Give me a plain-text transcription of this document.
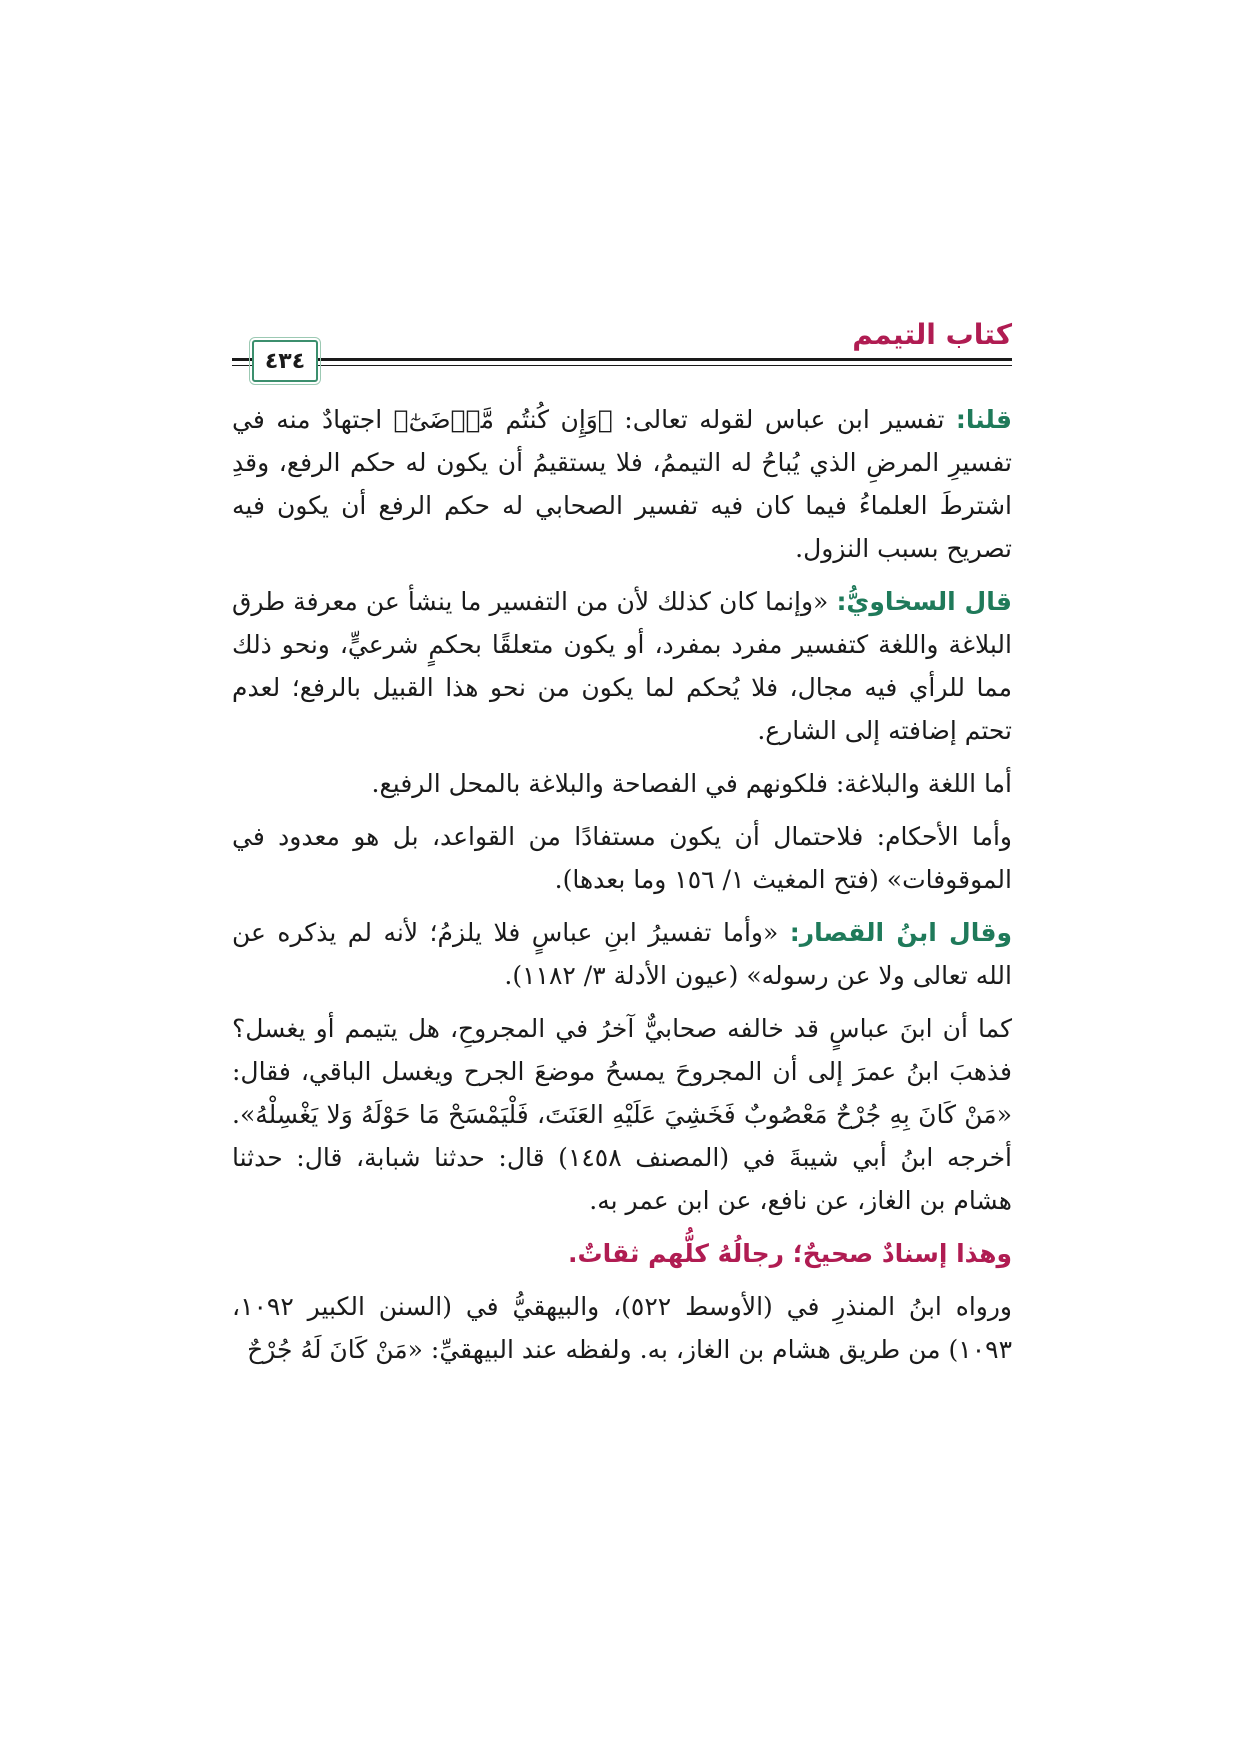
كتاب التيمم
٤٣٤

قلنا: تفسير ابن عباس لقوله تعالى: ﴿وَإِن كُنتُم مَّرۡضَىٰٓ﴾ اجتهادٌ منه في تفسيرِ المرضِ الذي يُباحُ له التيممُ، فلا يستقيمُ أن يكون له حكم الرفع، وقدِ اشترطَ العلماءُ فيما كان فيه تفسير الصحابي له حكم الرفع أن يكون فيه تصريح بسبب النزول.

قال السخاويُّ: «وإنما كان كذلك لأن من التفسير ما ينشأ عن معرفة طرق البلاغة واللغة كتفسير مفرد بمفرد، أو يكون متعلقًا بحكمٍ شرعيٍّ، ونحو ذلك مما للرأي فيه مجال، فلا يُحكم لما يكون من نحو هذا القبيل بالرفع؛ لعدم تحتم إضافته إلى الشارع.

أما اللغة والبلاغة: فلكونهم في الفصاحة والبلاغة بالمحل الرفيع.

وأما الأحكام: فلاحتمال أن يكون مستفادًا من القواعد، بل هو معدود في الموقوفات» (فتح المغيث ١/ ١٥٦ وما بعدها).

وقال ابنُ القصار: «وأما تفسيرُ ابنِ عباسٍ فلا يلزمُ؛ لأنه لم يذكره عن الله تعالى ولا عن رسوله» (عيون الأدلة ٣/ ١١٨٢).

كما أن ابنَ عباسٍ قد خالفه صحابيٌّ آخرُ في المجروحِ، هل يتيمم أو يغسل؟ فذهبَ ابنُ عمرَ إلى أن المجروحَ يمسحُ موضعَ الجرح ويغسل الباقي، فقال: «مَنْ كَانَ بِهِ جُرْحٌ مَعْصُوبٌ فَخَشِيَ عَلَيْهِ العَنَتَ، فَلْيَمْسَحْ مَا حَوْلَهُ وَلا يَغْسِلْهُ». أخرجه ابنُ أبي شيبةَ في (المصنف ١٤٥٨) قال: حدثنا شبابة، قال: حدثنا هشام بن الغاز، عن نافع، عن ابن عمر به.

وهذا إسنادٌ صحيحٌ؛ رجالُهُ كلُّهم ثقاتٌ.

ورواه ابنُ المنذرِ في (الأوسط ٥٢٢)، والبيهقيُّ في (السنن الكبير ١٠٩٢، ١٠٩٣) من طريق هشام بن الغاز، به. ولفظه عند البيهقيِّ: «مَنْ كَانَ لَهُ جُرْحٌ
